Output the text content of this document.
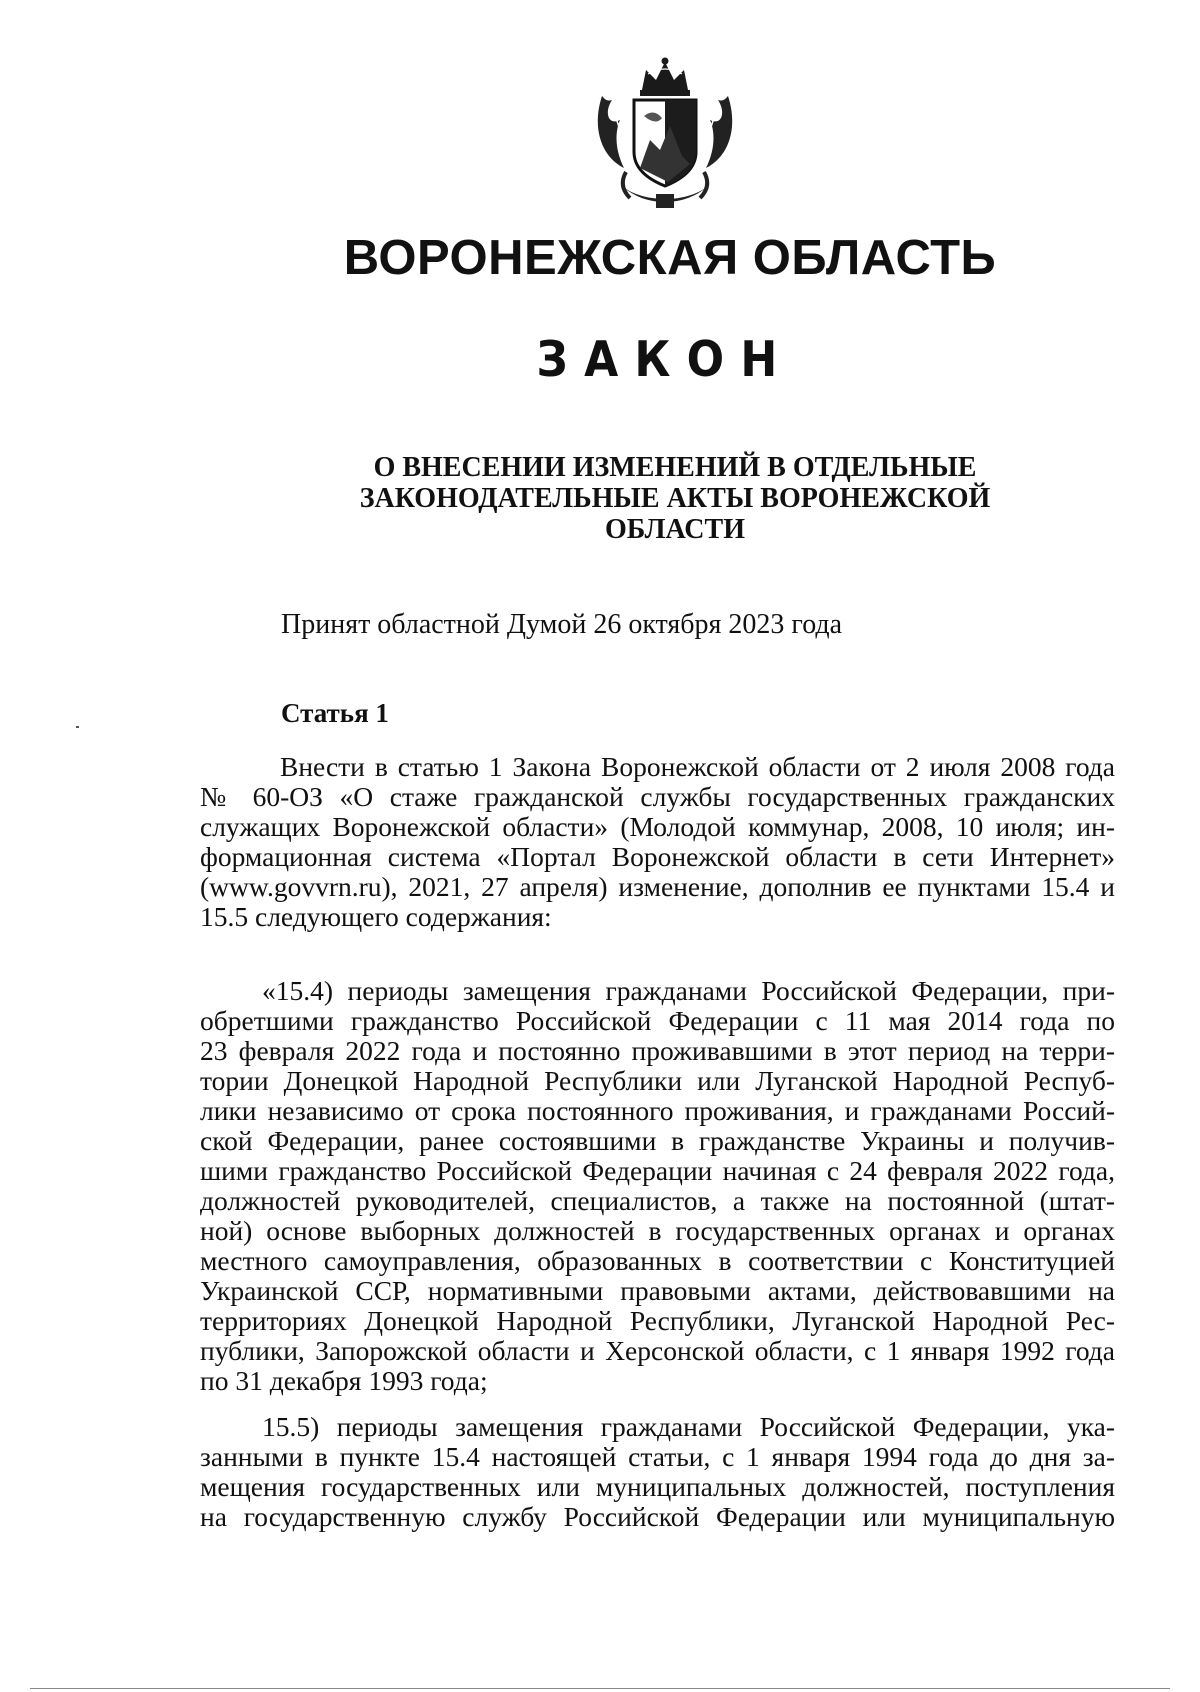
ВОРОНЕЖСКАЯ ОБЛАСТЬ
ЗАКОН
О ВНЕСЕНИИ ИЗМЕНЕНИЙ В ОТДЕЛЬНЫЕ
ЗАКОНОДАТЕЛЬНЫЕ АКТЫ ВОРОНЕЖСКОЙ
ОБЛАСТИ
Принят областной Думой 26 октября 2023 года
Статья 1
Внести в статью 1 Закона Воронежской области от 2 июля 2008 года
№ 60-ОЗ «О стаже гражданской службы государственных гражданских
служащих Воронежской области» (Молодой коммунар, 2008, 10 июля; ин-
формационная система «Портал Воронежской области в сети Интернет»
(www.govvrn.ru), 2021, 27 апреля) изменение, дополнив ее пунктами 15.4 и
15.5 следующего содержания:
«15.4) периоды замещения гражданами Российской Федерации, при-
обретшими гражданство Российской Федерации с 11 мая 2014 года по
23 февраля 2022 года и постоянно проживавшими в этот период на терри-
тории Донецкой Народной Республики или Луганской Народной Респуб-
лики независимо от срока постоянного проживания, и гражданами Россий-
ской Федерации, ранее состоявшими в гражданстве Украины и получив-
шими гражданство Российской Федерации начиная с 24 февраля 2022 года,
должностей руководителей, специалистов, а также на постоянной (штат-
ной) основе выборных должностей в государственных органах и органах
местного самоуправления, образованных в соответствии с Конституцией
Украинской ССР, нормативными правовыми актами, действовавшими на
территориях Донецкой Народной Республики, Луганской Народной Рес-
публики, Запорожской области и Херсонской области, с 1 января 1992 года
по 31 декабря 1993 года;
15.5) периоды замещения гражданами Российской Федерации, ука-
занными в пункте 15.4 настоящей статьи, с 1 января 1994 года до дня за-
мещения государственных или муниципальных должностей, поступления
на государственную службу Российской Федерации или муниципальную
